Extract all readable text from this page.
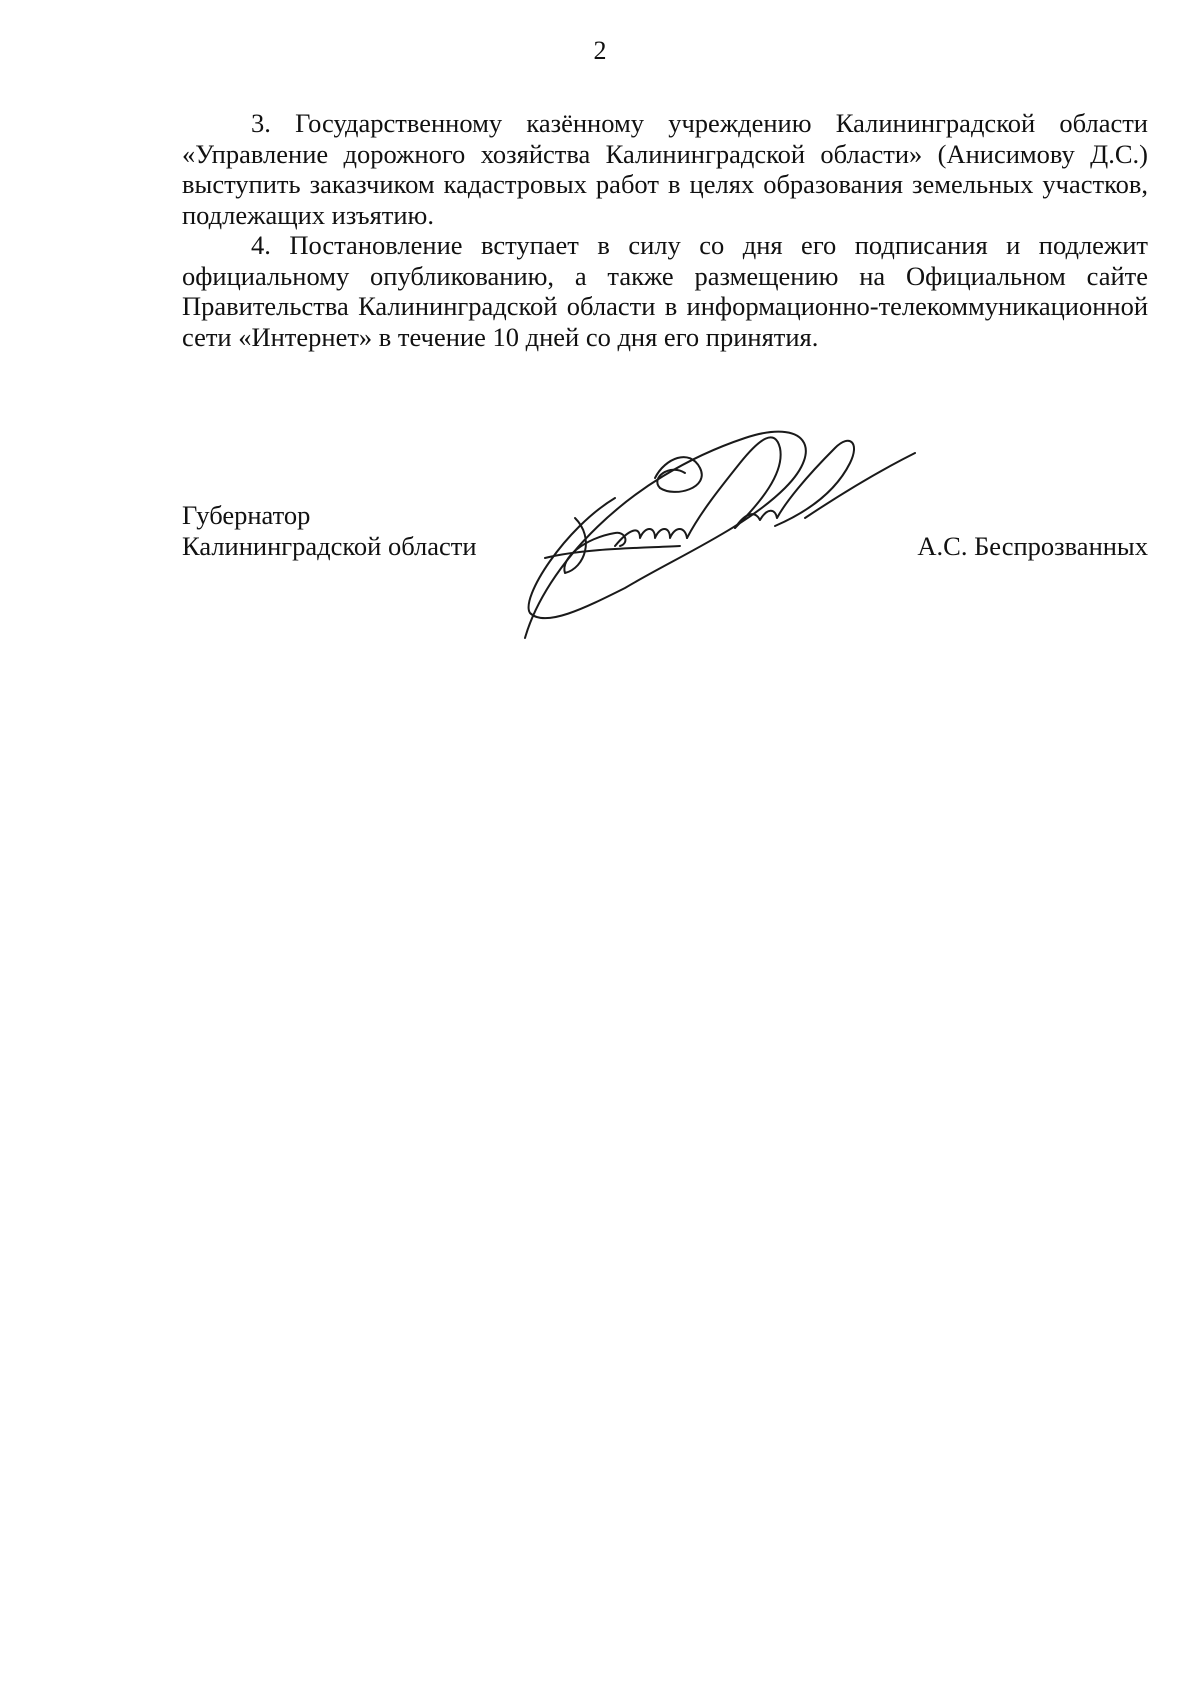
2

3. Государственному казённому учреждению Калининградской области «Управление дорожного хозяйства Калининградской области» (Анисимову Д.С.) выступить заказчиком кадастровых работ в целях образования земельных участков, подлежащих изъятию.

4. Постановление вступает в силу со дня его подписания и подлежит официальному опубликованию, а также размещению на Официальном сайте Правительства Калининградской области в информационно-телекоммуникационной сети «Интернет» в течение 10 дней со дня его принятия.

Губернатор
Калининградской области	А.С. Беспрозванных
